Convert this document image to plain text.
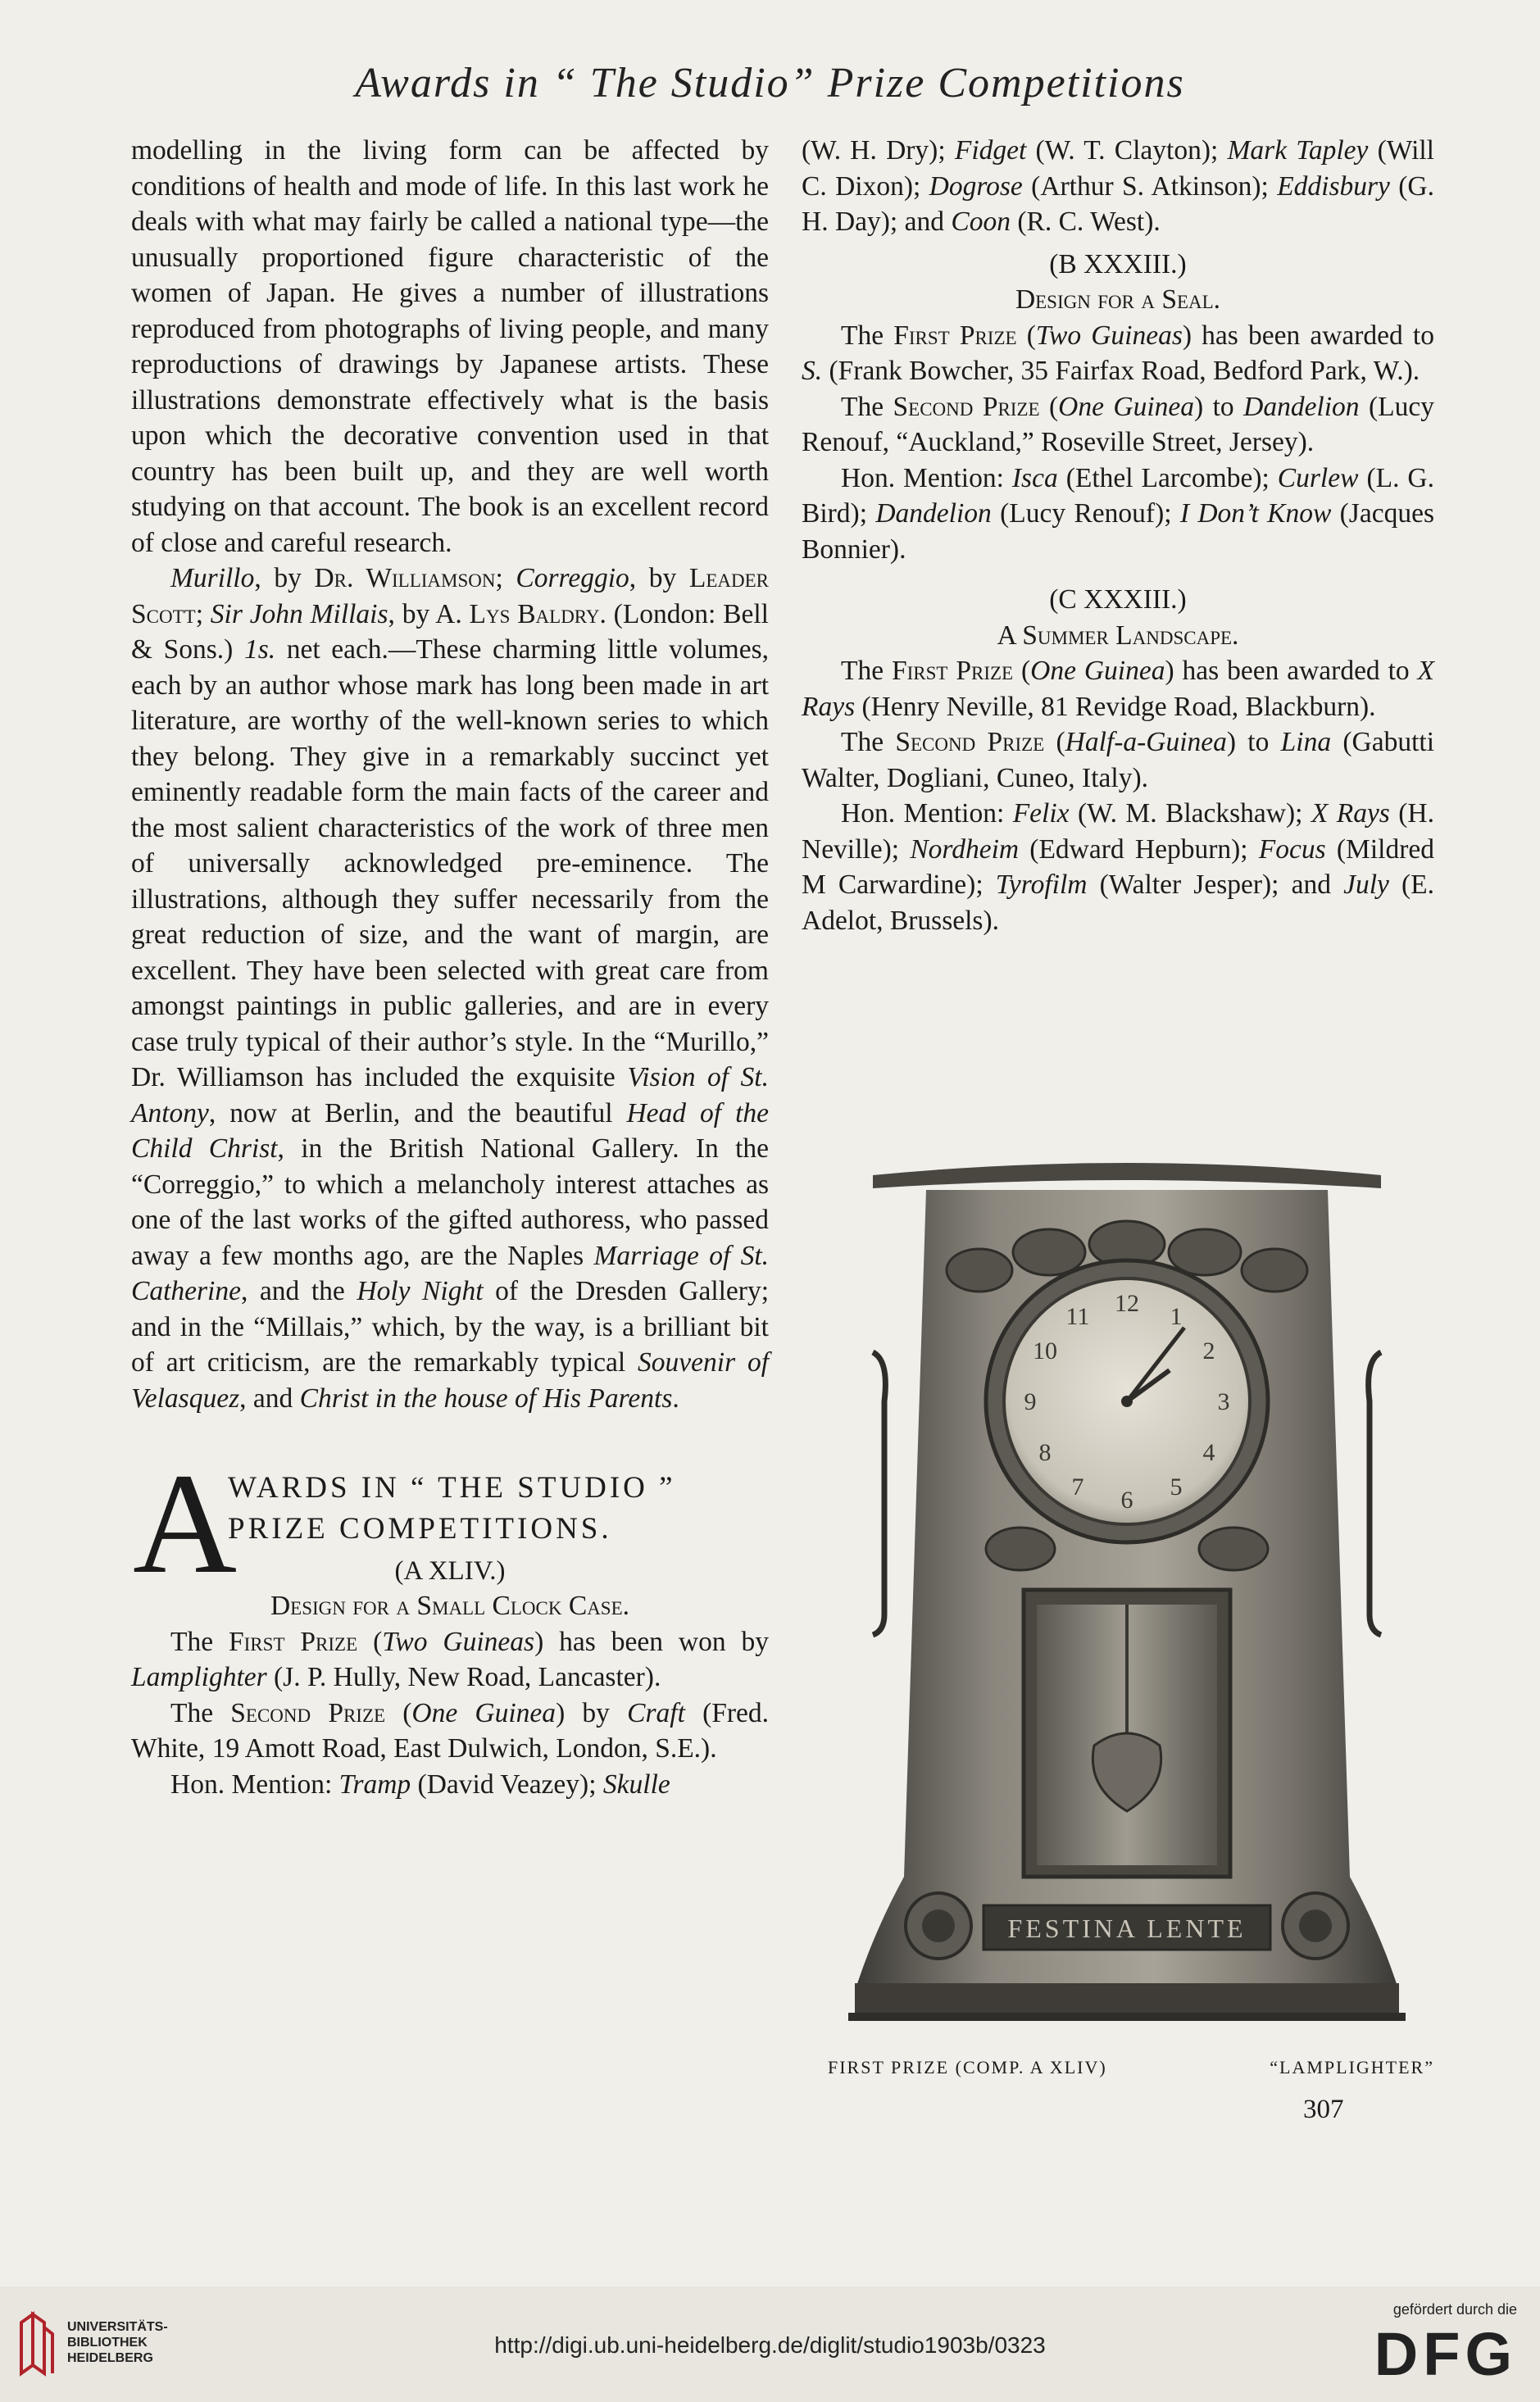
Awards in “ The Studio” Prize Competitions

modelling in the living form can be affected by conditions of health and mode of life. In this last work he deals with what may fairly be called a national type—the unusually proportioned figure characteristic of the women of Japan. He gives a number of illustrations reproduced from photographs of living people, and many reproductions of drawings by Japanese artists. These illustrations demonstrate effectively what is the basis upon which the decorative convention used in that country has been built up, and they are well worth studying on that account. The book is an excellent record of close and careful research.

Murillo, by Dr. Williamson; Correggio, by Leader Scott; Sir John Millais, by A. Lys Baldry. (London: Bell & Sons.) 1s. net each.—These charming little volumes, each by an author whose mark has long been made in art literature, are worthy of the well-known series to which they belong. They give in a remarkably succinct yet eminently readable form the main facts of the career and the most salient characteristics of the work of three men of universally acknowledged pre-eminence. The illustrations, although they suffer necessarily from the great reduction of size, and the want of margin, are excellent. They have been selected with great care from amongst paintings in public galleries, and are in every case truly typical of their author’s style. In the “Murillo,” Dr. Williamson has included the exquisite Vision of St. Antony, now at Berlin, and the beautiful Head of the Child Christ, in the British National Gallery. In the “Correggio,” to which a melancholy interest attaches as one of the last works of the gifted authoress, who passed away a few months ago, are the Naples Marriage of St. Catherine, and the Holy Night of the Dresden Gallery; and in the “Millais,” which, by the way, is a brilliant bit of art criticism, are the remarkably typical Souvenir of Velasquez, and Christ in the house of His Parents.

A
WARDS IN “ THE STUDIO ”
PRIZE COMPETITIONS.
(A XLIV.)

Design for a Small Clock Case.

The First Prize (Two Guineas) has been won by Lamplighter (J. P. Hully, New Road, Lancaster).

The Second Prize (One Guinea) by Craft (Fred. White, 19 Amott Road, East Dulwich, London, S.E.).

Hon. Mention: Tramp (David Veazey); Skulle

(W. H. Dry); Fidget (W. T. Clayton); Mark Tapley (Will C. Dixon); Dogrose (Arthur S. Atkinson); Eddisbury (G. H. Day); and Coon (R. C. West).

(B XXXIII.)

Design for a Seal.

The First Prize (Two Guineas) has been awarded to S. (Frank Bowcher, 35 Fairfax Road, Bedford Park, W.).

The Second Prize (One Guinea) to Dandelion (Lucy Renouf, “Auckland,” Roseville Street, Jersey).

Hon. Mention: Isca (Ethel Larcombe); Curlew (L. G. Bird); Dandelion (Lucy Renouf); I Don’t Know (Jacques Bonnier).

(C XXXIII.)

A Summer Landscape.

The First Prize (One Guinea) has been awarded to X Rays (Henry Neville, 81 Revidge Road, Blackburn).

The Second Prize (Half-a-Guinea) to Lina (Gabutti Walter, Dogliani, Cuneo, Italy).

Hon. Mention: Felix (W. M. Blackshaw); X Rays (H. Neville); Nordheim (Edward Hepburn); Focus (Mildred M Carwardine); Tyrofilm (Walter Jesper); and July (E. Adelot, Brussels).

12 1
2
3
4
5
6
7
8
9
10
11
FESTINA LENTE
FIRST PRIZE (COMP. A XLIV)	“LAMPLIGHTER”
307
UNIVERSITÄTS-
BIBLIOTHEK
HEIDELBERG
http://digi.ub.uni-heidelberg.de/diglit/studio1903b/0323
gefördert durch die
DFG
